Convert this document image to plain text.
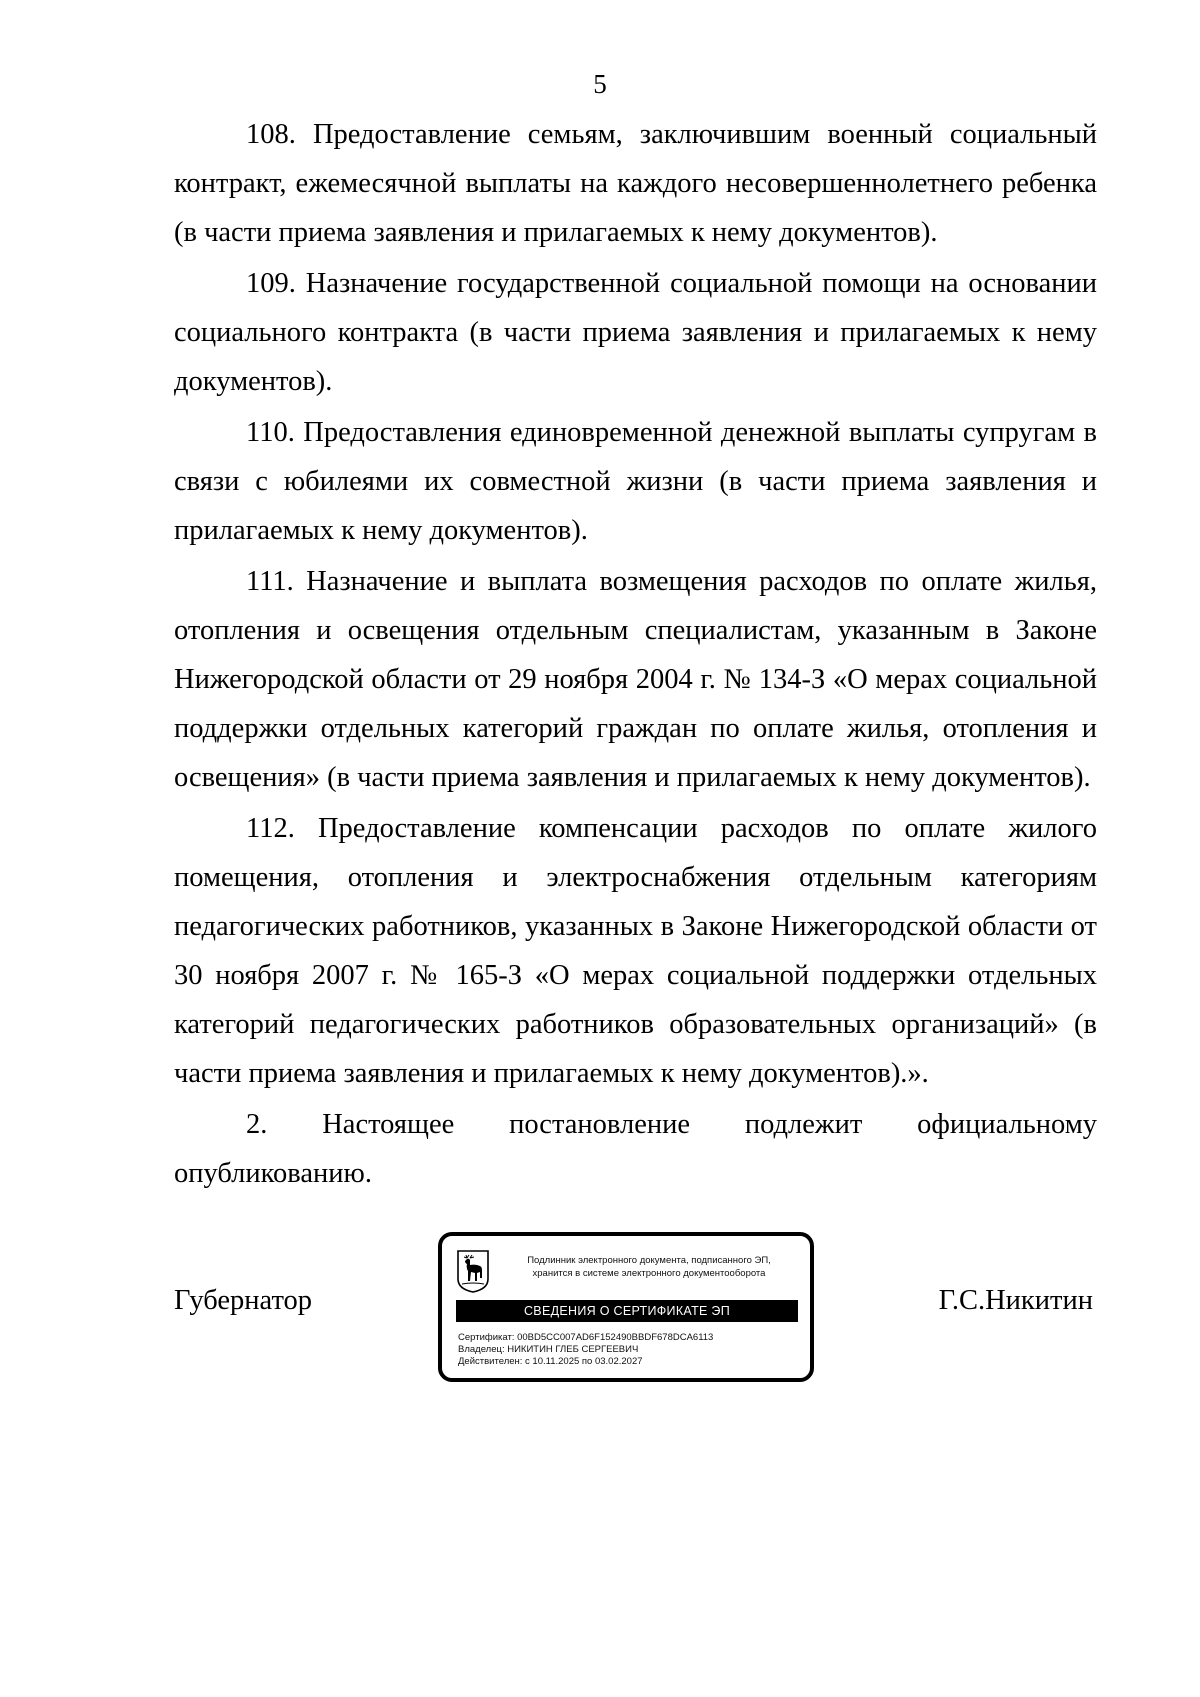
5

108. Предоставление семьям, заключившим военный социальный контракт, ежемесячной выплаты на каждого несовершеннолетнего ребенка (в части приема заявления и прилагаемых к нему документов).

109. Назначение государственной социальной помощи на основании социального контракта (в части приема заявления и прилагаемых к нему документов).

110. Предоставления единовременной денежной выплаты супругам в связи с юбилеями их совместной жизни (в части приема заявления и прилагаемых к нему документов).

111. Назначение и выплата возмещения расходов по оплате жилья, отопления и освещения отдельным специалистам, указанным в Законе Нижегородской области от 29 ноября 2004 г. № 134-З «О мерах социальной поддержки отдельных категорий граждан по оплате жилья, отопления и освещения» (в части приема заявления и прилагаемых к нему документов).

112. Предоставление компенсации расходов по оплате жилого помещения, отопления и электроснабжения отдельным категориям педагогических работников, указанных в Законе Нижегородской области от 30 ноября 2007 г. № 165-З «О мерах социальной поддержки отдельных категорий педагогических работников образовательных организаций» (в части приема заявления и прилагаемых к нему документов).».

2. Настоящее постановление подлежит официальному опубликованию.

Губернатор
Подлинник электронного документа, подписанного ЭП,
хранится в системе электронного документооборота
СВЕДЕНИЯ О СЕРТИФИКАТЕ ЭП
Сертификат: 00BD5CC007AD6F152490BBDF678DCA6113
Владелец: НИКИТИН ГЛЕБ СЕРГЕЕВИЧ
Действителен: с 10.11.2025 по 03.02.2027
Г.С.Никитин
